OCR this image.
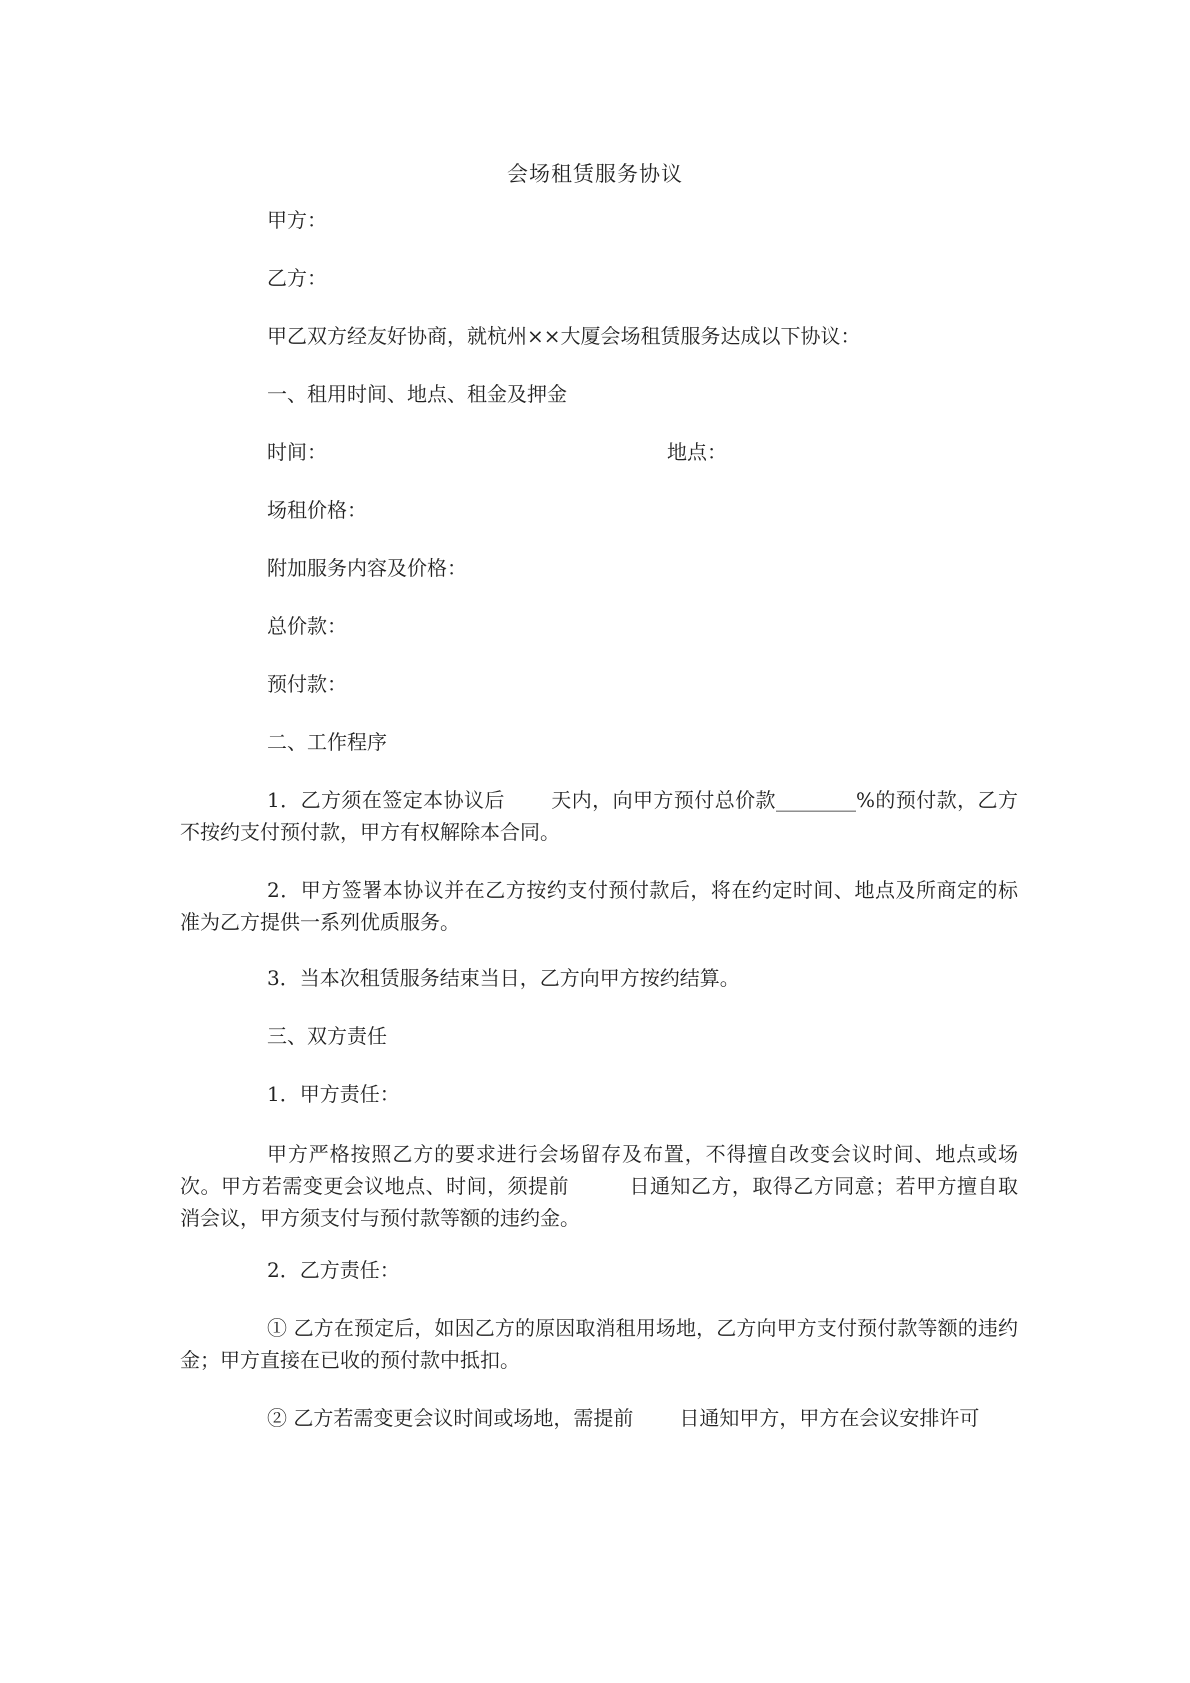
会场租赁服务协议
甲方：
乙方：
甲乙双方经友好协商，就杭州××大厦会场租赁服务达成以下协议：
一、租用时间、地点、租金及押金
时间：	地点：
场租价格：
附加服务内容及价格：
总价款：
预付款：
二、工作程序
1．乙方须在签定本协议后 天内，向甲方预付总价款________%的预付款，乙方不按约支付预付款，甲方有权解除本合同。
2．甲方签署本协议并在乙方按约支付预付款后，将在约定时间、地点及所商定的标准为乙方提供一系列优质服务。
3．当本次租赁服务结束当日，乙方向甲方按约结算。
三、双方责任
1．甲方责任：
甲方严格按照乙方的要求进行会场留存及布置，不得擅自改变会议时间、地点或场次。甲方若需变更会议地点、时间，须提前	日通知乙方，取得乙方同意；若甲方擅自取消会议，甲方须支付与预付款等额的违约金。
2．乙方责任：
① 乙方在预定后，如因乙方的原因取消租用场地，乙方向甲方支付预付款等额的违约金；甲方直接在已收的预付款中抵扣。
② 乙方若需变更会议时间或场地，需提前 日通知甲方，甲方在会议安排许可
